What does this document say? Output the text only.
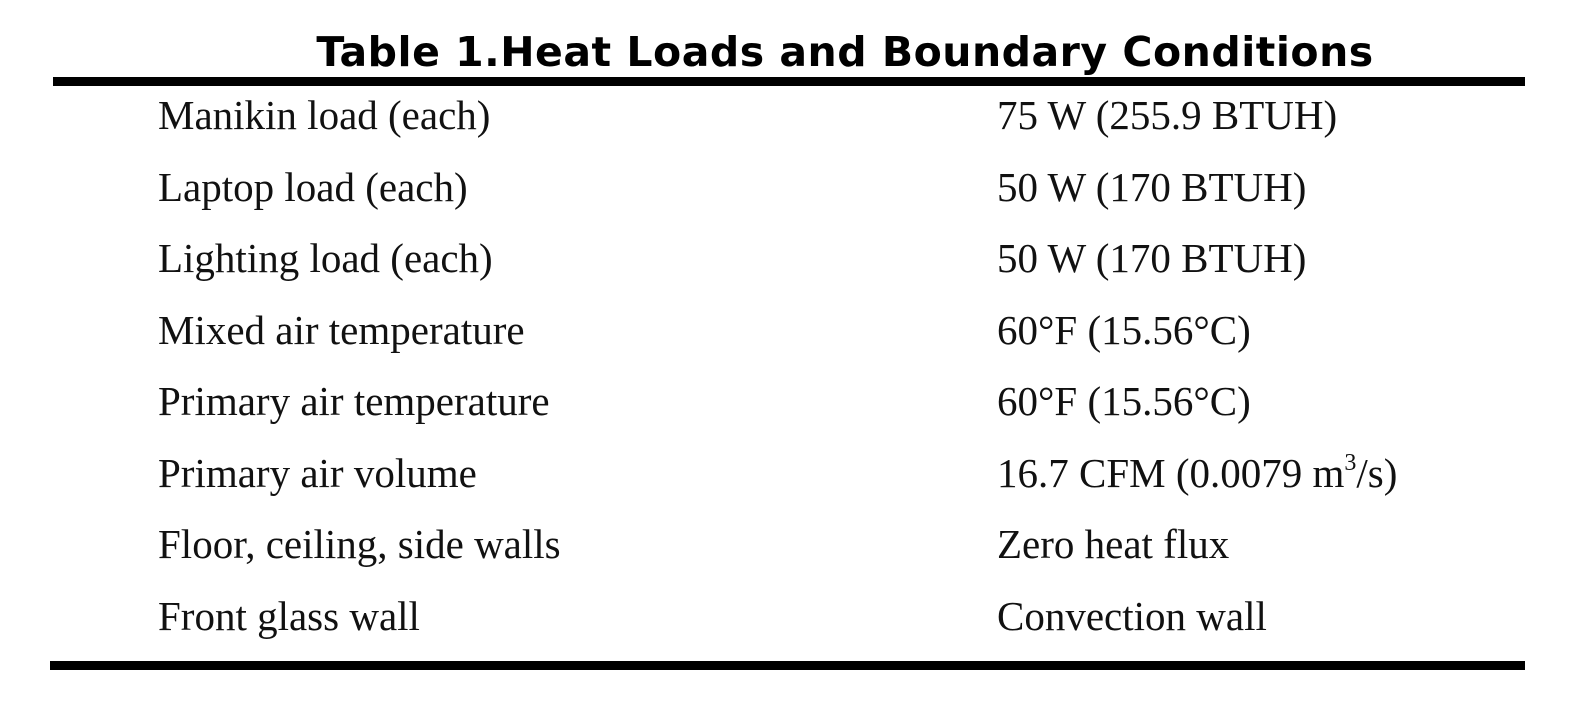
Table 1.Heat Loads and Boundary Conditions
Manikin load (each)	75 W (255.9 BTUH)
Laptop load (each)	50 W (170 BTUH)
Lighting load (each)	50 W (170 BTUH)
Mixed air temperature	60°F (15.56°C)
Primary air temperature	60°F (15.56°C)
Primary air volume	16.7 CFM (0.0079 $m^3/s$)
Floor, ceiling, side walls	Zero heat flux
Front glass wall	Convection wall
